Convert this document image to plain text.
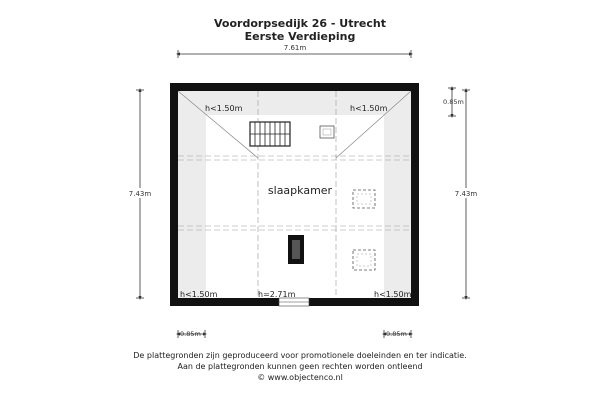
Voordorpsedijk 26 - Utrecht
Eerste Verdieping
7.61m
7.43m	7.43m
0.85m
0.85m	0.85m
slaapkamer
h<1.50m	h<1.50m
h<1.50m	h=2.71m	h<1.50m
De plattegronden zijn geproduceerd voor promotionele doeleinden en ter indicatie.
Aan de plattegronden kunnen geen rechten worden ontleend
© www.objectenco.nl
